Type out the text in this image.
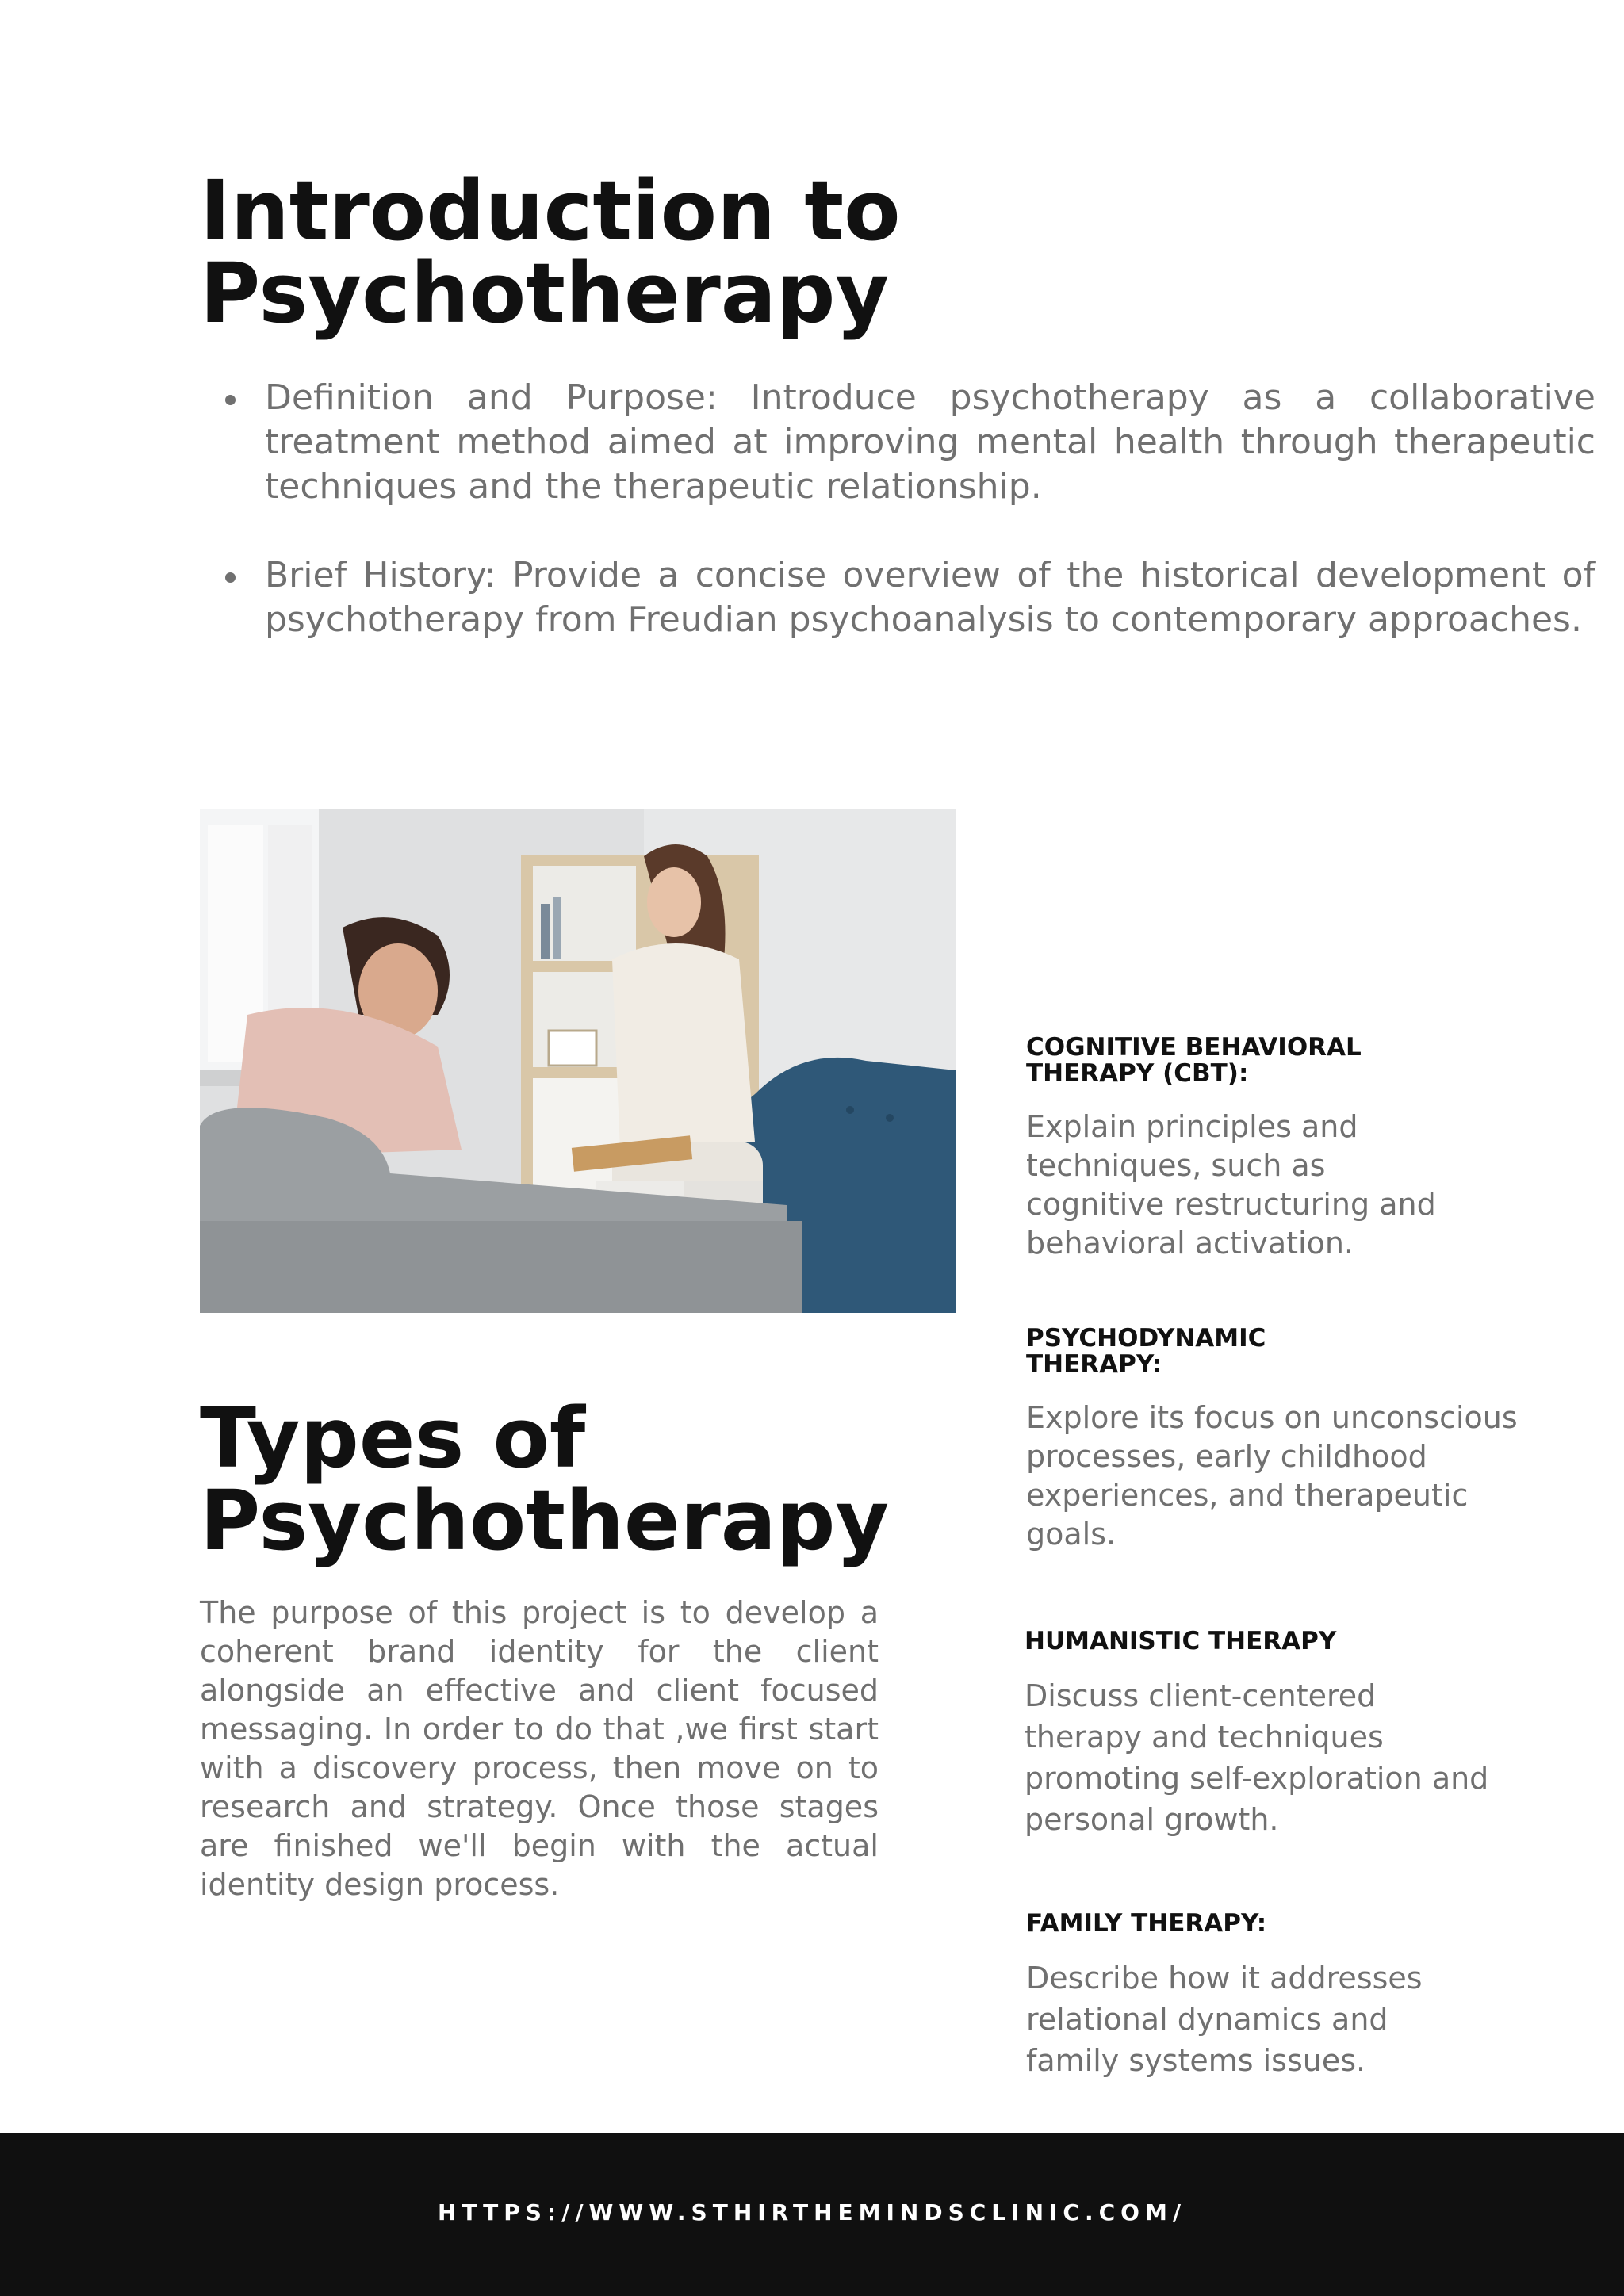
Introduction to
Psychotherapy
Definition and Purpose: Introduce psychotherapy as a collaborative treatment method aimed at improving mental health through therapeutic techniques and the therapeutic relationship.
Brief History: Provide a concise overview of the historical development of psychotherapy from Freudian psychoanalysis to contemporary approaches.
Types of
Psychotherapy

The purpose of this project is to develop a coherent brand identity for the client alongside an effective and client focused messaging. In order to do that ,we first start with a discovery process, then move on to research and strategy. Once those stages are finished we'll begin with the actual identity design process.

COGNITIVE BEHAVIORAL THERAPY (CBT):

Explain principles and techniques, such as cognitive restructuring and behavioral activation.

PSYCHODYNAMIC THERAPY:

Explore its focus on unconscious processes, early childhood experiences, and therapeutic goals.

HUMANISTIC THERAPY

Discuss client-centered therapy and techniques promoting self-exploration and personal growth.

FAMILY THERAPY:

Describe how it addresses relational dynamics and family systems issues.

HTTPS://WWW.STHIRTHEMINDSCLINIC.COM/
